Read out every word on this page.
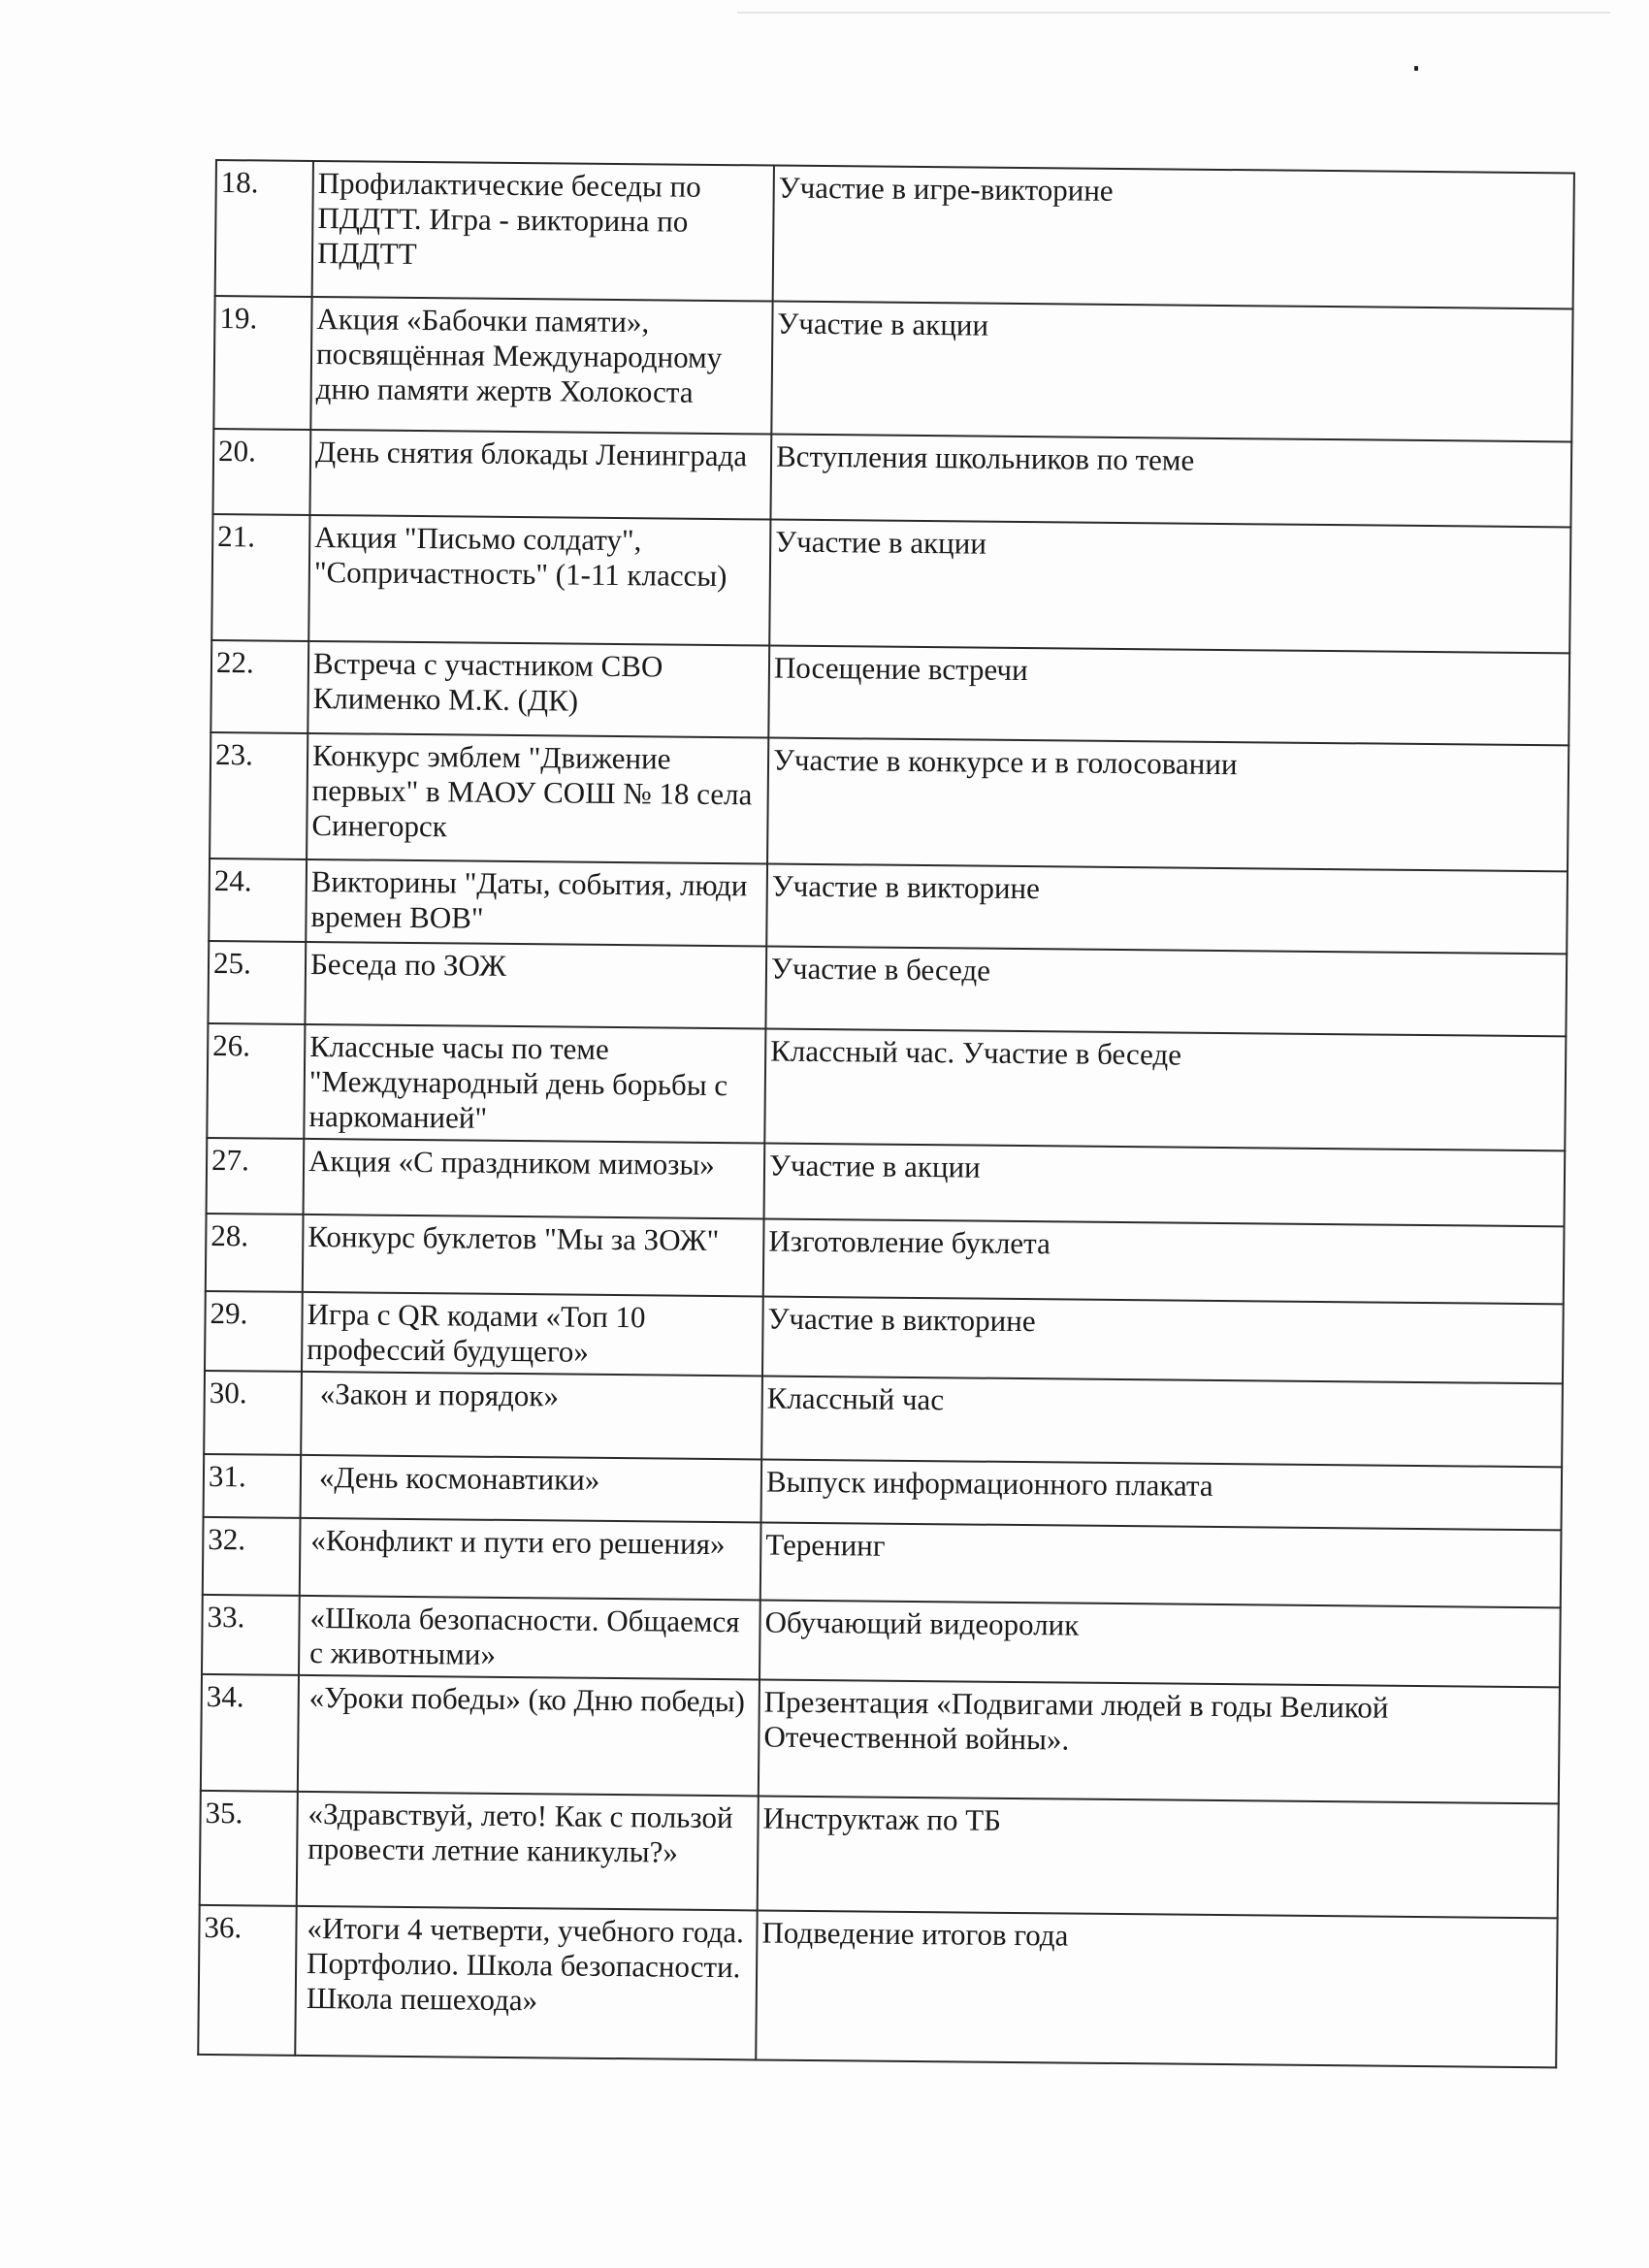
18.	Профилактические беседы по ПДДТТ. Игра - викторина по ПДДТТ	Участие в игре-викторине
19.	Акция «Бабочки памяти», посвящённая Международному дню памяти жертв Холокоста	Участие в акции
20.	День снятия блокады Ленинграда	Вступления школьников по теме
21.	Акция "Письмо солдату", "Сопричастность" (1-11 классы)	Участие в акции
22.	Встреча с участником СВО Клименко М.К. (ДК)	Посещение встречи
23.	Конкурс эмблем "Движение первых" в МАОУ СОШ № 18 села Синегорск	Участие в конкурсе и в голосовании
24.	Викторины "Даты, события, люди времен ВОВ"	Участие в викторине
25.	Беседа по ЗОЖ	Участие в беседе
26.	Классные часы по теме "Международный день борьбы с наркоманией"	Классный час. Участие в беседе
27.	Акция «С праздником мимозы»	Участие в акции
28.	Конкурс буклетов "Мы за ЗОЖ"	Изготовление буклета
29.	Игра с QR кодами «Топ 10 профессий будущего»	Участие в викторине
30.	«Закон и порядок»	Классный час
31.	«День космонавтики»	Выпуск информационного плаката
32.	«Конфликт и пути его решения»	Теренинг
33.	«Школа безопасности. Общаемся с животными»	Обучающий видеоролик
34.	«Уроки победы» (ко Дню победы)	Презентация «Подвигами людей в годы Великой Отечественной войны».
35.	«Здравствуй, лето! Как с пользой провести летние каникулы?»	Инструктаж по ТБ
36.	«Итоги 4 четверти, учебного года. Портфолио. Школа безопасности. Школа пешехода»	Подведение итогов года
